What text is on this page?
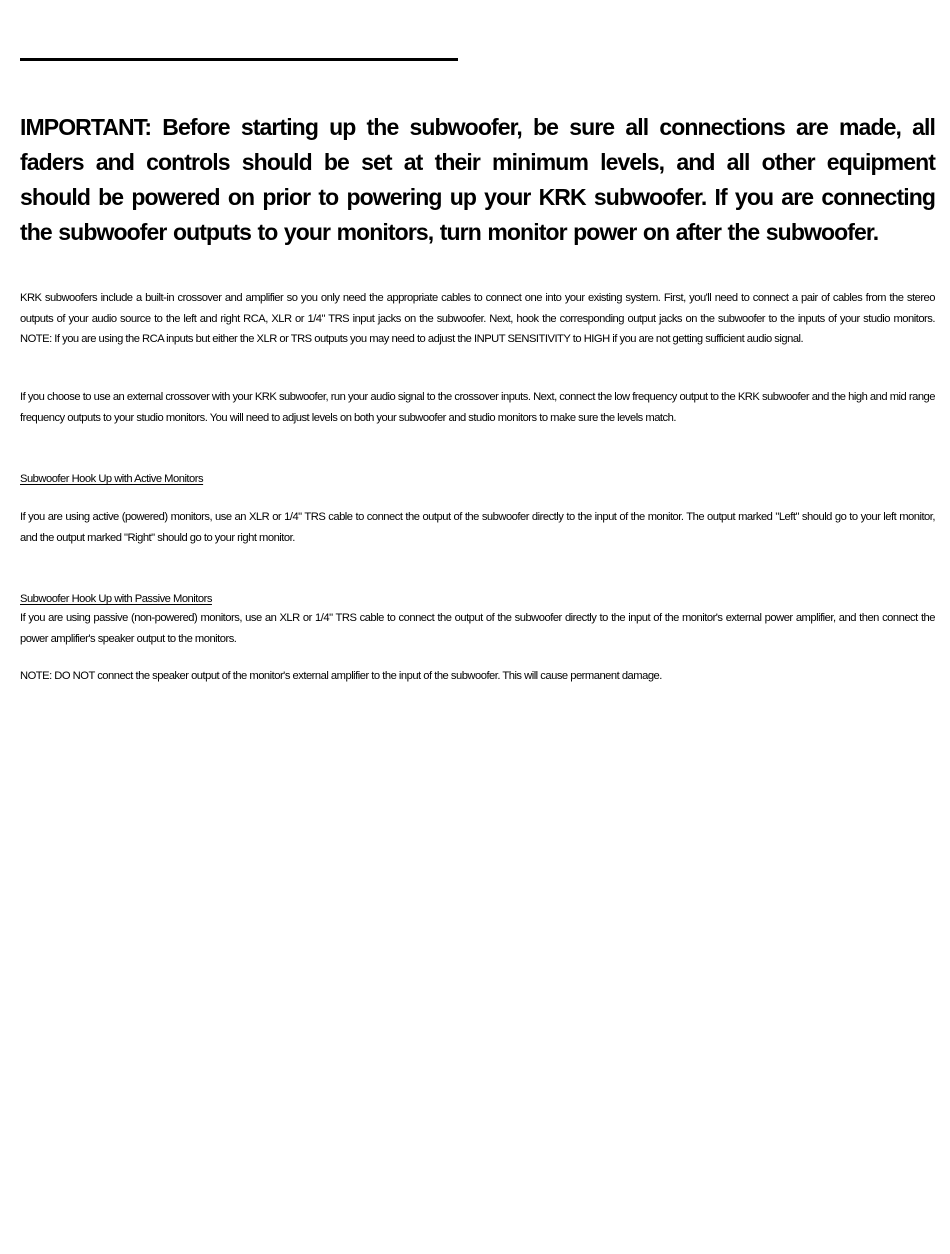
IMPORTANT: Before starting up the subwoofer, be sure all connections are made, all faders and controls should be set at their minimum levels, and all other equipment should be powered on prior to powering up your KRK subwoofer. If you are connecting the subwoofer outputs to your monitors, turn monitor power on after the subwoofer.

KRK subwoofers include a built-in crossover and amplifier so you only need the appropriate cables to connect one into your existing system. First, you'll need to connect a pair of cables from the stereo outputs of your audio source to the left and right RCA, XLR or 1/4" TRS input jacks on the subwoofer. Next, hook the corresponding output jacks on the subwoofer to the inputs of your studio monitors. NOTE: If you are using the RCA inputs but either the XLR or TRS outputs you may need to adjust the INPUT SENSITIVITY to HIGH if you are not getting sufficient audio signal.

If you choose to use an external crossover with your KRK subwoofer, run your audio signal to the crossover inputs. Next, connect the low frequency output to the KRK subwoofer and the high and mid range frequency outputs to your studio monitors. You will need to adjust levels on both your subwoofer and studio monitors to make sure the levels match.

Subwoofer Hook Up with Active Monitors

If you are using active (powered) monitors, use an XLR or 1/4" TRS cable to connect the output of the subwoofer directly to the input of the monitor. The output marked "Left" should go to your left monitor, and the output marked "Right" should go to your right monitor.

Subwoofer Hook Up with Passive Monitors

If you are using passive (non-powered) monitors, use an XLR or 1/4" TRS cable to connect the output of the subwoofer directly to the input of the monitor's external power amplifier, and then connect the power amplifier's speaker output to the monitors.

NOTE: DO NOT connect the speaker output of the monitor's external amplifier to the input of the subwoofer. This will cause permanent damage.
